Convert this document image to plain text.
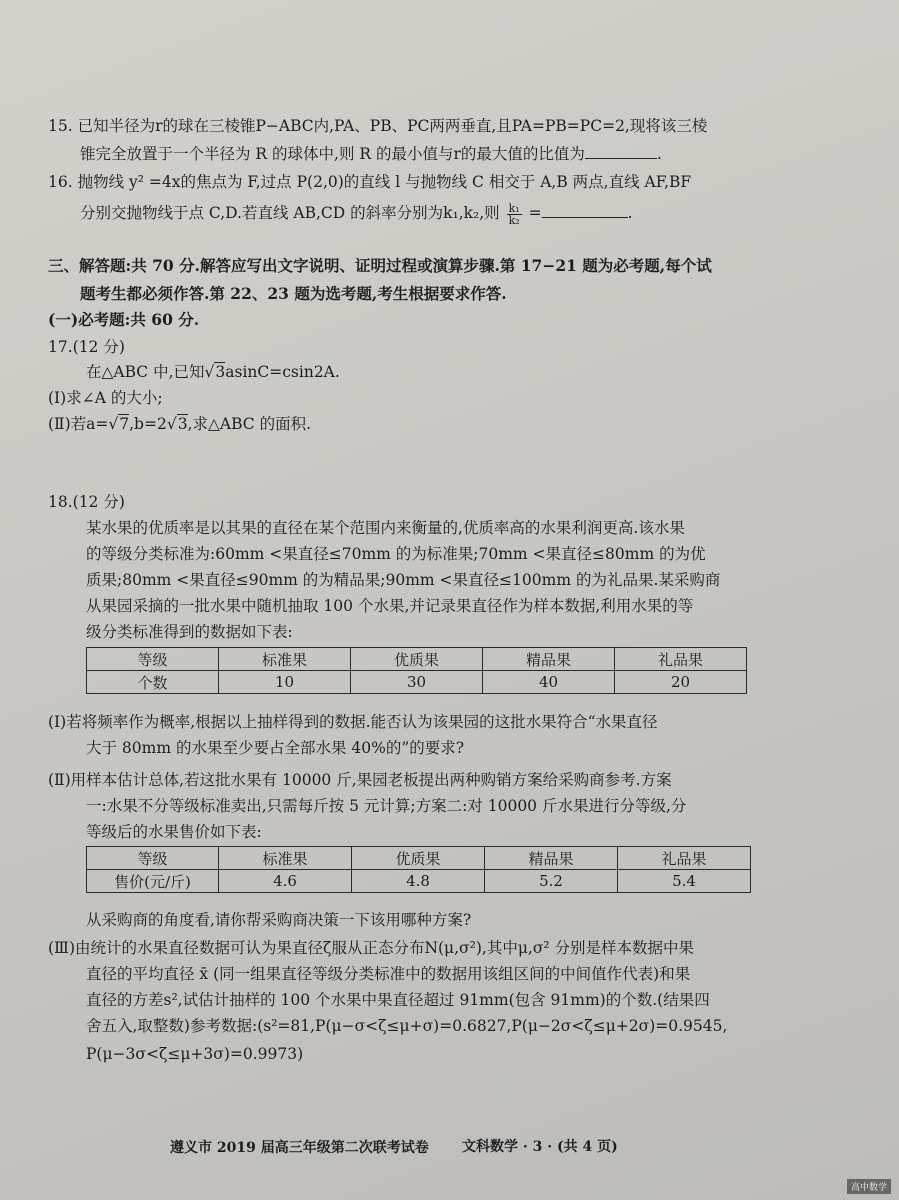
15. 已知半径为r的球在三棱锥P−ABC内,PA、PB、PC两两垂直,且PA=PB=PC=2,现将该三棱
锥完全放置于一个半径为 R 的球体中,则 R 的最小值与r的最大值的比值为	.
16. 抛物线 y² =4x的焦点为 F,过点 P(2,0)的直线 l 与抛物线 C 相交于 A,B 两点,直线 AF,BF
分别交抛物线于点 C,D.若直线 AB,CD 的斜率分别为k₁,k₂,则 $\frac{\text{k₁}}{\text{k₂}}$ =	.
三、解答题:共 70 分.解答应写出文字说明、证明过程或演算步骤.第 17−21 题为必考题,每个试
题考生都必须作答.第 22、23 题为选考题,考生根据要求作答.
(一)必考题:共 60 分.
17.(12 分)
在△ABC 中,已知√3asinC=csin2A.
(Ⅰ)求∠A 的大小;
(Ⅱ)若a=√7,b=2√3,求△ABC 的面积.
18.(12 分)
某水果的优质率是以其果的直径在某个范围内来衡量的,优质率高的水果利润更高.该水果
的等级分类标准为:60mm <果直径≤70mm 的为标准果;70mm <果直径≤80mm 的为优
质果;80mm <果直径≤90mm 的为精品果;90mm <果直径≤100mm 的为礼品果.某采购商
从果园采摘的一批水果中随机抽取 100 个水果,并记录果直径作为样本数据,利用水果的等
级分类标准得到的数据如下表:
等级	标准果	优质果	精品果	礼品果
个数	10	30	40	20
(Ⅰ)若将频率作为概率,根据以上抽样得到的数据.能否认为该果园的这批水果符合“水果直径
大于 80mm 的水果至少要占全部水果 40%的”的要求?
(Ⅱ)用样本估计总体,若这批水果有 10000 斤,果园老板提出两种购销方案给采购商参考.方案
一:水果不分等级标准卖出,只需每斤按 5 元计算;方案二:对 10000 斤水果进行分等级,分
等级后的水果售价如下表:
等级	标准果	优质果	精品果	礼品果
售价(元/斤)	4.6	4.8	5.2	5.4
从采购商的角度看,请你帮采购商决策一下该用哪种方案?
(Ⅲ)由统计的水果直径数据可认为果直径ζ服从正态分布N(μ,σ²),其中μ,σ² 分别是样本数据中果
直径的平均直径 x̄ (同一组果直径等级分类标准中的数据用该组区间的中间值作代表)和果
直径的方差s²,试估计抽样的 100 个水果中果直径超过 91mm(包含 91mm)的个数.(结果四
舍五入,取整数)参考数据:(s²=81,P(μ−σ<ζ≤μ+σ)=0.6827,P(μ−2σ<ζ≤μ+2σ)=0.9545,
P(μ−3σ<ζ≤μ+3σ)=0.9973)
遵义市 2019 届高三年级第二次联考试卷 文科数学 · 3 · (共 4 页)
高中数学
